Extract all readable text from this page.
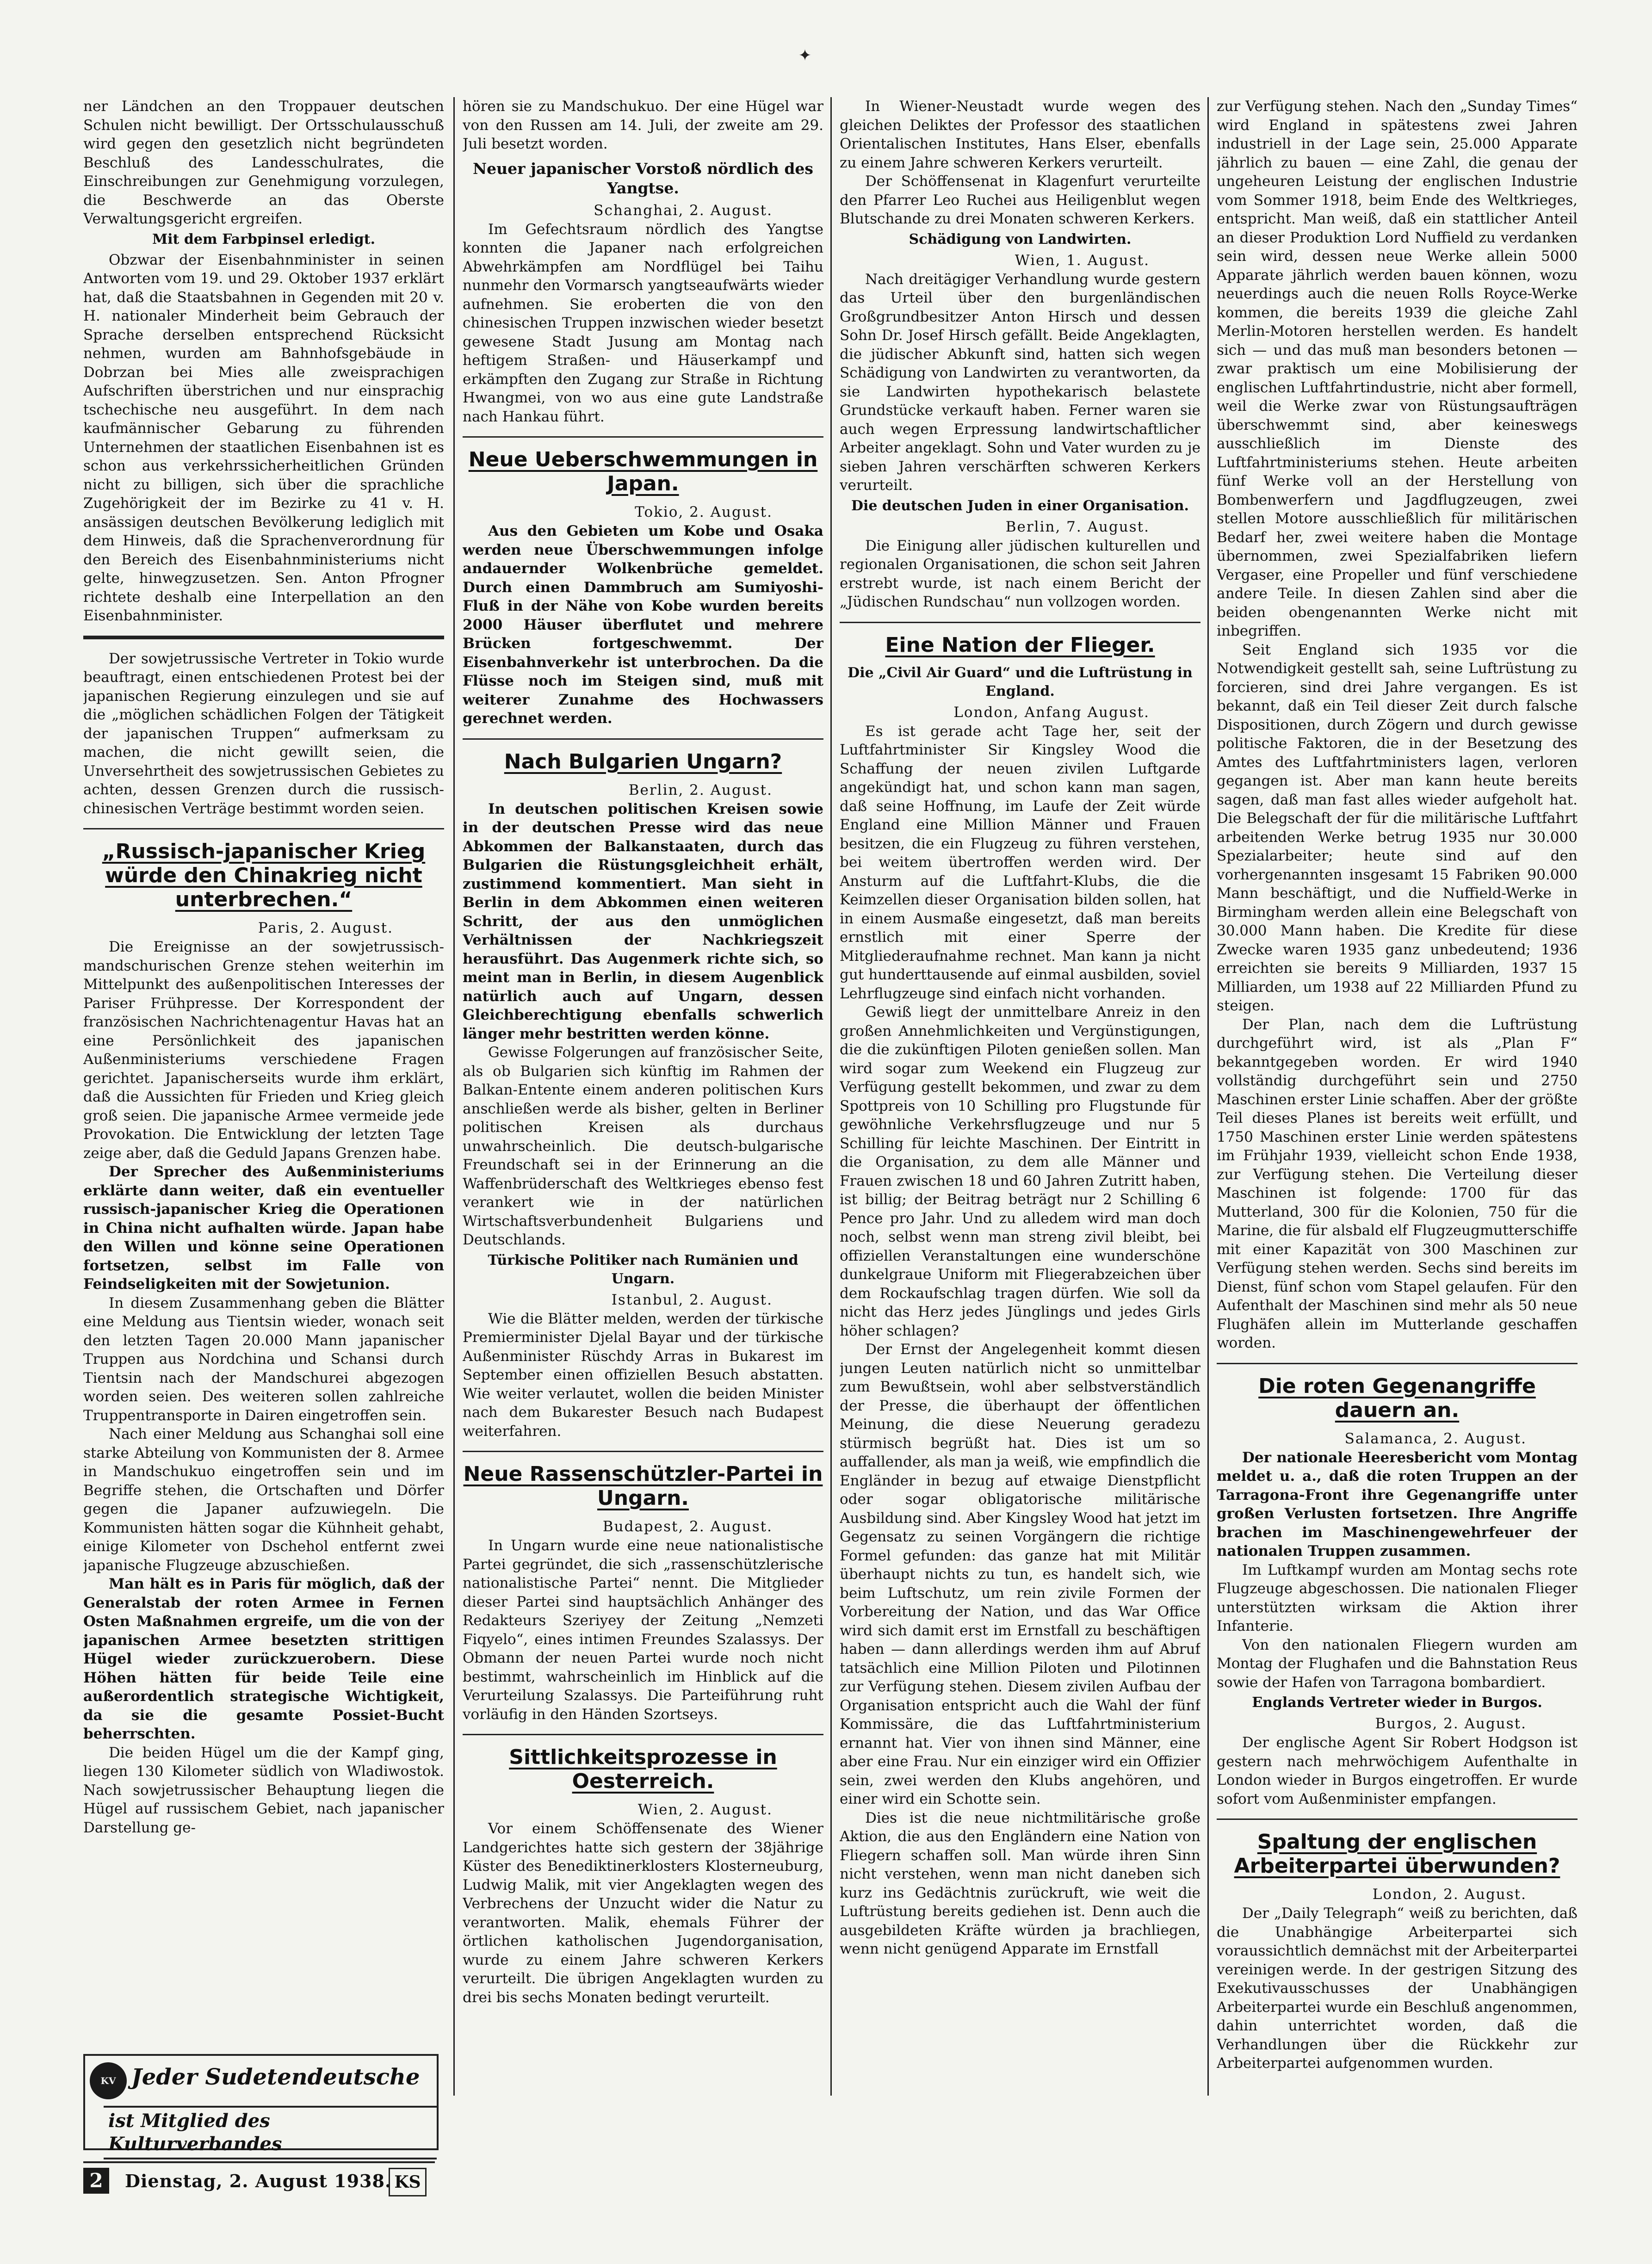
✦

ner Ländchen an den Troppauer deutschen Schulen nicht bewilligt. Der Ortsschulausschuß wird gegen den gesetzlich nicht begründeten Beschluß des Landesschulrates, die Einschreibungen zur Genehmigung vorzulegen, die Beschwerde an das Oberste Verwaltungsgericht ergreifen.

Mit dem Farbpinsel erledigt.

Obzwar der Eisenbahnminister in seinen Antworten vom 19. und 29. Oktober 1937 erklärt hat, daß die Staatsbahnen in Gegenden mit 20 v. H. nationaler Minderheit beim Gebrauch der Sprache derselben entsprechend Rücksicht nehmen, wurden am Bahnhofsgebäude in Dobrzan bei Mies alle zweisprachigen Aufschriften überstrichen und nur einsprachig tschechische neu ausgeführt. In dem nach kaufmännischer Gebarung zu führenden Unternehmen der staatlichen Eisenbahnen ist es schon aus verkehrssicherheitlichen Gründen nicht zu billigen, sich über die sprachliche Zugehörigkeit der im Bezirke zu 41 v. H. ansässigen deutschen Bevölkerung lediglich mit dem Hinweis, daß die Sprachenverordnung für den Bereich des Eisenbahnministeriums nicht gelte, hinwegzusetzen. Sen. Anton Pfrogner richtete deshalb eine Interpellation an den Eisenbahnminister.

Der sowjetrussische Vertreter in Tokio wurde beauftragt, einen entschiedenen Protest bei der japanischen Regierung einzulegen und sie auf die „möglichen schädlichen Folgen der Tätigkeit der japanischen Truppen“ aufmerksam zu machen, die nicht gewillt seien, die Unversehrtheit des sowjetrussischen Gebietes zu achten, dessen Grenzen durch die russisch-chinesischen Verträge bestimmt worden seien.

„Russisch-japanischer Krieg würde den Chinakrieg nicht unterbrechen.“
Paris, 2. August.

Die Ereignisse an der sowjetrussisch-mandschurischen Grenze stehen weiterhin im Mittelpunkt des außenpolitischen Interesses der Pariser Frühpresse. Der Korrespondent der französischen Nachrichtenagentur Havas hat an eine Persönlichkeit des japanischen Außenministeriums verschiedene Fragen gerichtet. Japanischerseits wurde ihm erklärt, daß die Aussichten für Frieden und Krieg gleich groß seien. Die japanische Armee vermeide jede Provokation. Die Entwicklung der letzten Tage zeige aber, daß die Geduld Japans Grenzen habe.

Der Sprecher des Außenministeriums erklärte dann weiter, daß ein eventueller russisch-japanischer Krieg die Operationen in China nicht aufhalten würde. Japan habe den Willen und könne seine Operationen fortsetzen, selbst im Falle von Feindseligkeiten mit der Sowjetunion.

In diesem Zusammenhang geben die Blätter eine Meldung aus Tientsin wieder, wonach seit den letzten Tagen 20.000 Mann japanischer Truppen aus Nordchina und Schansi durch Tientsin nach der Mandschurei abgezogen worden seien. Des weiteren sollen zahlreiche Truppentransporte in Dairen eingetroffen sein.

Nach einer Meldung aus Schanghai soll eine starke Abteilung von Kommunisten der 8. Armee in Mandschukuo eingetroffen sein und im Begriffe stehen, die Ortschaften und Dörfer gegen die Japaner aufzuwiegeln. Die Kommunisten hätten sogar die Kühnheit gehabt, einige Kilometer von Dschehol entfernt zwei japanische Flugzeuge abzuschießen.

Man hält es in Paris für möglich, daß der Generalstab der roten Armee in Fernen Osten Maßnahmen ergreife, um die von der japanischen Armee besetzten strittigen Hügel wieder zurückzuerobern. Diese Höhen hätten für beide Teile eine außerordentlich strategische Wichtigkeit, da sie die gesamte Possiet-Bucht beherrschten.

Die beiden Hügel um die der Kampf ging, liegen 130 Kilometer südlich von Wladiwostok. Nach sowjetrussischer Behauptung liegen die Hügel auf russischem Gebiet, nach japanischer Darstellung ge-

hören sie zu Mandschukuo. Der eine Hügel war von den Russen am 14. Juli, der zweite am 29. Juli besetzt worden.

Neuer japanischer Vorstoß nördlich des Yangtse.
Schanghai, 2. August.

Im Gefechtsraum nördlich des Yangtse konnten die Japaner nach erfolgreichen Abwehrkämpfen am Nordflügel bei Taihu nunmehr den Vormarsch yangtseaufwärts wieder aufnehmen. Sie eroberten die von den chinesischen Truppen inzwischen wieder besetzt gewesene Stadt Jusung am Montag nach heftigem Straßen- und Häuserkampf und erkämpften den Zugang zur Straße in Richtung Hwangmei, von wo aus eine gute Landstraße nach Hankau führt.

Neue Ueberschwemmungen in Japan.
Tokio, 2. August.

Aus den Gebieten um Kobe und Osaka werden neue Überschwemmungen infolge andauernder Wolkenbrüche gemeldet. Durch einen Dammbruch am Sumiyoshi-Fluß in der Nähe von Kobe wurden bereits 2000 Häuser überflutet und mehrere Brücken fortgeschwemmt. Der Eisenbahnverkehr ist unterbrochen. Da die Flüsse noch im Steigen sind, muß mit weiterer Zunahme des Hochwassers gerechnet werden.

Nach Bulgarien Ungarn?
Berlin, 2. August.

In deutschen politischen Kreisen sowie in der deutschen Presse wird das neue Abkommen der Balkanstaaten, durch das Bulgarien die Rüstungsgleichheit erhält, zustimmend kommentiert. Man sieht in Berlin in dem Abkommen einen weiteren Schritt, der aus den unmöglichen Verhältnissen der Nachkriegszeit herausführt. Das Augenmerk richte sich, so meint man in Berlin, in diesem Augenblick natürlich auch auf Ungarn, dessen Gleichberechtigung ebenfalls schwerlich länger mehr bestritten werden könne.

Gewisse Folgerungen auf französischer Seite, als ob Bulgarien sich künftig im Rahmen der Balkan-Entente einem anderen politischen Kurs anschließen werde als bisher, gelten in Berliner politischen Kreisen als durchaus unwahrscheinlich. Die deutsch-bulgarische Freundschaft sei in der Erinnerung an die Waffenbrüderschaft des Weltkrieges ebenso fest verankert wie in der natürlichen Wirtschaftsverbundenheit Bulgariens und Deutschlands.

Türkische Politiker nach Rumänien und Ungarn.
Istanbul, 2. August.

Wie die Blätter melden, werden der türkische Premierminister Djelal Bayar und der türkische Außenminister Rüschdy Arras in Bukarest im September einen offiziellen Besuch abstatten. Wie weiter verlautet, wollen die beiden Minister nach dem Bukarester Besuch nach Budapest weiterfahren.

Neue Rassenschützler-Partei in Ungarn.
Budapest, 2. August.

In Ungarn wurde eine neue nationalistische Partei gegründet, die sich „rassenschützlerische nationalistische Partei“ nennt. Die Mitglieder dieser Partei sind hauptsächlich Anhänger des Redakteurs Szeriyey der Zeitung „Nemzeti Fiqyelo“, eines intimen Freundes Szalassys. Der Obmann der neuen Partei wurde noch nicht bestimmt, wahrscheinlich im Hinblick auf die Verurteilung Szalassys. Die Parteiführung ruht vorläufig in den Händen Szortseys.

Sittlichkeitsprozesse in Oesterreich.
Wien, 2. August.

Vor einem Schöffensenate des Wiener Landgerichtes hatte sich gestern der 38jährige Küster des Benediktinerklosters Klosterneuburg, Ludwig Malik, mit vier Angeklagten wegen des Verbrechens der Unzucht wider die Natur zu verantworten. Malik, ehemals Führer der örtlichen katholischen Jugendorganisation, wurde zu einem Jahre schweren Kerkers verurteilt. Die übrigen Angeklagten wurden zu drei bis sechs Monaten bedingt verurteilt.

In Wiener-Neustadt wurde wegen des gleichen Deliktes der Professor des staatlichen Orientalischen Institutes, Hans Elser, ebenfalls zu einem Jahre schweren Kerkers verurteilt.

Der Schöffensenat in Klagenfurt verurteilte den Pfarrer Leo Ruchei aus Heiligenblut wegen Blutschande zu drei Monaten schweren Kerkers.

Schädigung von Landwirten.
Wien, 1. August.

Nach dreitägiger Verhandlung wurde gestern das Urteil über den burgenländischen Großgrundbesitzer Anton Hirsch und dessen Sohn Dr. Josef Hirsch gefällt. Beide Angeklagten, die jüdischer Abkunft sind, hatten sich wegen Schädigung von Landwirten zu verantworten, da sie Landwirten hypothekarisch belastete Grundstücke verkauft haben. Ferner waren sie auch wegen Erpressung landwirtschaftlicher Arbeiter angeklagt. Sohn und Vater wurden zu je sieben Jahren verschärften schweren Kerkers verurteilt.

Die deutschen Juden in einer Organisation.
Berlin, 7. August.

Die Einigung aller jüdischen kulturellen und regionalen Organisationen, die schon seit Jahren erstrebt wurde, ist nach einem Bericht der „Jüdischen Rundschau“ nun vollzogen worden.

Eine Nation der Flieger.
Die „Civil Air Guard“ und die Luftrüstung in England.
London, Anfang August.

Es ist gerade acht Tage her, seit der Luftfahrtminister Sir Kingsley Wood die Schaffung der neuen zivilen Luftgarde angekündigt hat, und schon kann man sagen, daß seine Hoffnung, im Laufe der Zeit würde England eine Million Männer und Frauen besitzen, die ein Flugzeug zu führen verstehen, bei weitem übertroffen werden wird. Der Ansturm auf die Luftfahrt-Klubs, die die Keimzellen dieser Organisation bilden sollen, hat in einem Ausmaße eingesetzt, daß man bereits ernstlich mit einer Sperre der Mitgliederaufnahme rechnet. Man kann ja nicht gut hunderttausende auf einmal ausbilden, soviel Lehrflugzeuge sind einfach nicht vorhanden.

Gewiß liegt der unmittelbare Anreiz in den großen Annehmlichkeiten und Vergünstigungen, die die zukünftigen Piloten genießen sollen. Man wird sogar zum Weekend ein Flugzeug zur Verfügung gestellt bekommen, und zwar zu dem Spottpreis von 10 Schilling pro Flugstunde für gewöhnliche Verkehrsflugzeuge und nur 5 Schilling für leichte Maschinen. Der Eintritt in die Organisation, zu dem alle Männer und Frauen zwischen 18 und 60 Jahren Zutritt haben, ist billig; der Beitrag beträgt nur 2 Schilling 6 Pence pro Jahr. Und zu alledem wird man doch noch, selbst wenn man streng zivil bleibt, bei offiziellen Veranstaltungen eine wunderschöne dunkelgraue Uniform mit Fliegerabzeichen über dem Rockaufschlag tragen dürfen. Wie soll da nicht das Herz jedes Jünglings und jedes Girls höher schlagen?

Der Ernst der Angelegenheit kommt diesen jungen Leuten natürlich nicht so unmittelbar zum Bewußtsein, wohl aber selbstverständlich der Presse, die überhaupt der öffentlichen Meinung, die diese Neuerung geradezu stürmisch begrüßt hat. Dies ist um so auffallender, als man ja weiß, wie empfindlich die Engländer in bezug auf etwaige Dienstpflicht oder sogar obligatorische militärische Ausbildung sind. Aber Kingsley Wood hat jetzt im Gegensatz zu seinen Vorgängern die richtige Formel gefunden: das ganze hat mit Militär überhaupt nichts zu tun, es handelt sich, wie beim Luftschutz, um rein zivile Formen der Vorbereitung der Nation, und das War Office wird sich damit erst im Ernstfall zu beschäftigen haben — dann allerdings werden ihm auf Abruf tatsächlich eine Million Piloten und Pilotinnen zur Verfügung stehen. Diesem zivilen Aufbau der Organisation entspricht auch die Wahl der fünf Kommissäre, die das Luftfahrtministerium ernannt hat. Vier von ihnen sind Männer, eine aber eine Frau. Nur ein einziger wird ein Offizier sein, zwei werden den Klubs angehören, und einer wird ein Schotte sein.

Dies ist die neue nichtmilitärische große Aktion, die aus den Engländern eine Nation von Fliegern schaffen soll. Man würde ihren Sinn nicht verstehen, wenn man nicht daneben sich kurz ins Gedächtnis zurückruft, wie weit die Luftrüstung bereits gediehen ist. Denn auch die ausgebildeten Kräfte würden ja brachliegen, wenn nicht genügend Apparate im Ernstfall

zur Verfügung stehen. Nach den „Sunday Times“ wird England in spätestens zwei Jahren industriell in der Lage sein, 25.000 Apparate jährlich zu bauen — eine Zahl, die genau der ungeheuren Leistung der englischen Industrie vom Sommer 1918, beim Ende des Weltkrieges, entspricht. Man weiß, daß ein stattlicher Anteil an dieser Produktion Lord Nuffield zu verdanken sein wird, dessen neue Werke allein 5000 Apparate jährlich werden bauen können, wozu neuerdings auch die neuen Rolls Royce-Werke kommen, die bereits 1939 die gleiche Zahl Merlin-Motoren herstellen werden. Es handelt sich — und das muß man besonders betonen — zwar praktisch um eine Mobilisierung der englischen Luftfahrtindustrie, nicht aber formell, weil die Werke zwar von Rüstungsaufträgen überschwemmt sind, aber keineswegs ausschließlich im Dienste des Luftfahrtministeriums stehen. Heute arbeiten fünf Werke voll an der Herstellung von Bombenwerfern und Jagdflugzeugen, zwei stellen Motore ausschließlich für militärischen Bedarf her, zwei weitere haben die Montage übernommen, zwei Spezialfabriken liefern Vergaser, eine Propeller und fünf verschiedene andere Teile. In diesen Zahlen sind aber die beiden obengenannten Werke nicht mit inbegriffen.

Seit England sich 1935 vor die Notwendigkeit gestellt sah, seine Luftrüstung zu forcieren, sind drei Jahre vergangen. Es ist bekannt, daß ein Teil dieser Zeit durch falsche Dispositionen, durch Zögern und durch gewisse politische Faktoren, die in der Besetzung des Amtes des Luftfahrtministers lagen, verloren gegangen ist. Aber man kann heute bereits sagen, daß man fast alles wieder aufgeholt hat. Die Belegschaft der für die militärische Luftfahrt arbeitenden Werke betrug 1935 nur 30.000 Spezialarbeiter; heute sind auf den vorhergenannten insgesamt 15 Fabriken 90.000 Mann beschäftigt, und die Nuffield-Werke in Birmingham werden allein eine Belegschaft von 30.000 Mann haben. Die Kredite für diese Zwecke waren 1935 ganz unbedeutend; 1936 erreichten sie bereits 9 Milliarden, 1937 15 Milliarden, um 1938 auf 22 Milliarden Pfund zu steigen.

Der Plan, nach dem die Luftrüstung durchgeführt wird, ist als „Plan F“ bekanntgegeben worden. Er wird 1940 vollständig durchgeführt sein und 2750 Maschinen erster Linie schaffen. Aber der größte Teil dieses Planes ist bereits weit erfüllt, und 1750 Maschinen erster Linie werden spätestens im Frühjahr 1939, vielleicht schon Ende 1938, zur Verfügung stehen. Die Verteilung dieser Maschinen ist folgende: 1700 für das Mutterland, 300 für die Kolonien, 750 für die Marine, die für alsbald elf Flugzeugmutterschiffe mit einer Kapazität von 300 Maschinen zur Verfügung stehen werden. Sechs sind bereits im Dienst, fünf schon vom Stapel gelaufen. Für den Aufenthalt der Maschinen sind mehr als 50 neue Flughäfen allein im Mutterlande geschaffen worden.

Die roten Gegenangriffe dauern an.
Salamanca, 2. August.

Der nationale Heeresbericht vom Montag meldet u. a., daß die roten Truppen an der Tarragona-Front ihre Gegenangriffe unter großen Verlusten fortsetzen. Ihre Angriffe brachen im Maschinengewehrfeuer der nationalen Truppen zusammen.

Im Luftkampf wurden am Montag sechs rote Flugzeuge abgeschossen. Die nationalen Flieger unterstützten wirksam die Aktion ihrer Infanterie.

Von den nationalen Fliegern wurden am Montag der Flughafen und die Bahnstation Reus sowie der Hafen von Tarragona bombardiert.

Englands Vertreter wieder in Burgos.
Burgos, 2. August.

Der englische Agent Sir Robert Hodgson ist gestern nach mehrwöchigem Aufenthalte in London wieder in Burgos eingetroffen. Er wurde sofort vom Außenminister empfangen.

Spaltung der englischen Arbeiterpartei überwunden?
London, 2. August.

Der „Daily Telegraph“ weiß zu berichten, daß die Unabhängige Arbeiterpartei sich voraussichtlich demnächst mit der Arbeiterpartei vereinigen werde. In der gestrigen Sitzung des Exekutivausschusses der Unabhängigen Arbeiterpartei wurde ein Beschluß angenommen, dahin unterrichtet worden, daß die Verhandlungen über die Rückkehr zur Arbeiterpartei aufgenommen wurden.

KV Jeder Sudetendeutsche
ist Mitglied des Kulturverbandes
2	Dienstag, 2. August 1938. KS
